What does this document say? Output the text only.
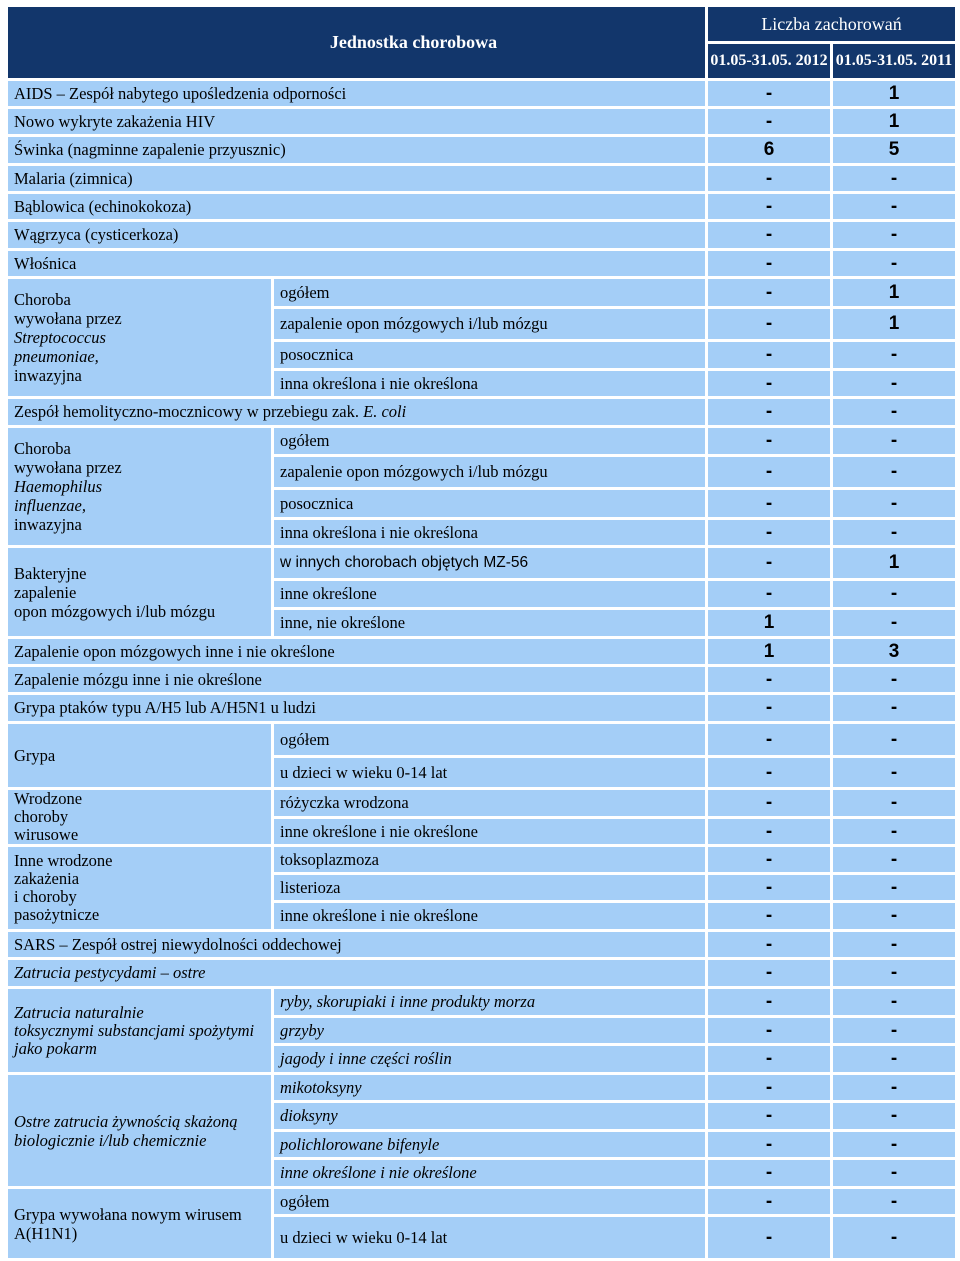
Jednostka chorobowa		Liczba zachorowań	
		01.05-31.05. 2012	01.05-31.05. 2011
AIDS – Zespół nabytego upośledzenia odporności		-	1
Nowo wykryte zakażenia HIV		-	1
Świnka (nagminne zapalenie przyusznic)		6	5
Malaria (zimnica)		-	-
Bąblowica (echinokokoza)		-	-
Wągrzyca (cysticerkoza)		-	-
Włośnica		-	-

Choroba
wywołana przez
Streptococcus
pneumoniae,
inwazyjna	ogółem	-	1
	zapalenie opon mózgowych i/lub mózgu	-	1
	posocznica	-	-
	inna określona i nie określona	-	-
Zespół hemolityczno-mocznicowy w przebiegu zak. E. coli		-	-

Choroba
wywołana przez
Haemophilus
influenzae,
inwazyjna	ogółem	-	-
	zapalenie opon mózgowych i/lub mózgu	-	-
	posocznica	-	-
	inna określona i nie określona	-	-

Bakteryjne
zapalenie
opon mózgowych i/lub mózgu	w innych chorobach objętych MZ-56	-	1
	inne określone	-	-
	inne, nie określone	1	-
Zapalenie opon mózgowych inne i nie określone		1	3
Zapalenie mózgu inne i nie określone		-	-
Grypa ptaków typu A/H5 lub A/H5N1 u ludzi		-	-

Grypa	ogółem	-	-
	u dzieci w wieku 0-14 lat	-	-

Wrodzone
choroby
wirusowe	różyczka wrodzona	-	-
	inne określone i nie określone	-	-

Inne wrodzone
zakażenia
i choroby
pasożytnicze	toksoplazmoza	-	-
	listerioza	-	-
	inne określone i nie określone	-	-
SARS – Zespół ostrej niewydolności oddechowej		-	-
Zatrucia pestycydami – ostre		-	-

Zatrucia naturalnie
toksycznymi substancjami spożytymi
jako pokarm	ryby, skorupiaki i inne produkty morza	-	-
	grzyby	-	-
	jagody i inne części roślin	-	-

Ostre zatrucia żywnością skażoną
biologicznie i/lub chemicznie	mikotoksyny	-	-
	dioksyny	-	-
	polichlorowane bifenyle	-	-
	inne określone i nie określone	-	-

Grypa wywołana nowym wirusem
A(H1N1)	ogółem	-	-
	u dzieci w wieku 0-14 lat	-	-
